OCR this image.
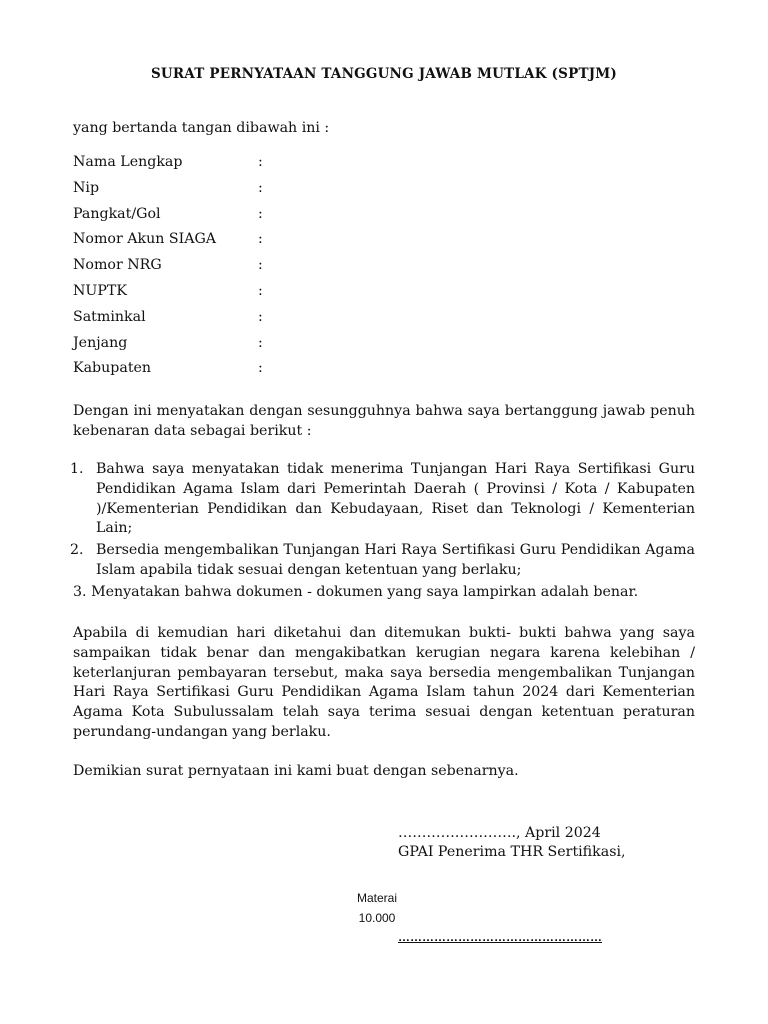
SURAT PERNYATAAN TANGGUNG JAWAB MUTLAK (SPTJM)
yang bertanda tangan dibawah ini :
Nama Lengkap	:
Nip	:
Pangkat/Gol	:
Nomor Akun SIAGA	:
Nomor NRG	:
NUPTK	:
Satminkal	:
Jenjang	:
Kabupaten	:
Dengan ini menyatakan dengan sesungguhnya bahwa saya bertanggung jawab penuh kebenaran data sebagai berikut :
1. Bahwa saya menyatakan tidak menerima Tunjangan Hari Raya Sertifikasi Guru Pendidikan Agama Islam dari Pemerintah Daerah ( Provinsi / Kota / Kabupaten )/Kementerian Pendidikan dan Kebudayaan, Riset dan Teknologi / Kementerian Lain;
2. Bersedia mengembalikan Tunjangan Hari Raya Sertifikasi Guru Pendidikan Agama Islam apabila tidak sesuai dengan ketentuan yang berlaku;
3. Menyatakan bahwa dokumen - dokumen yang saya lampirkan adalah benar.
Apabila di kemudian hari diketahui dan ditemukan bukti- bukti bahwa yang saya sampaikan tidak benar dan mengakibatkan kerugian negara karena kelebihan / keterlanjuran pembayaran tersebut, maka saya bersedia mengembalikan Tunjangan Hari Raya Sertifikasi Guru Pendidikan Agama Islam tahun 2024 dari Kementerian Agama Kota Subulussalam telah saya terima sesuai dengan ketentuan peraturan perundang-undangan yang berlaku.
Demikian surat pernyataan ini kami buat dengan sebenarnya.
……………………., April 2024
GPAI Penerima THR Sertifikasi,
Materai
10.000
……………………………………………
